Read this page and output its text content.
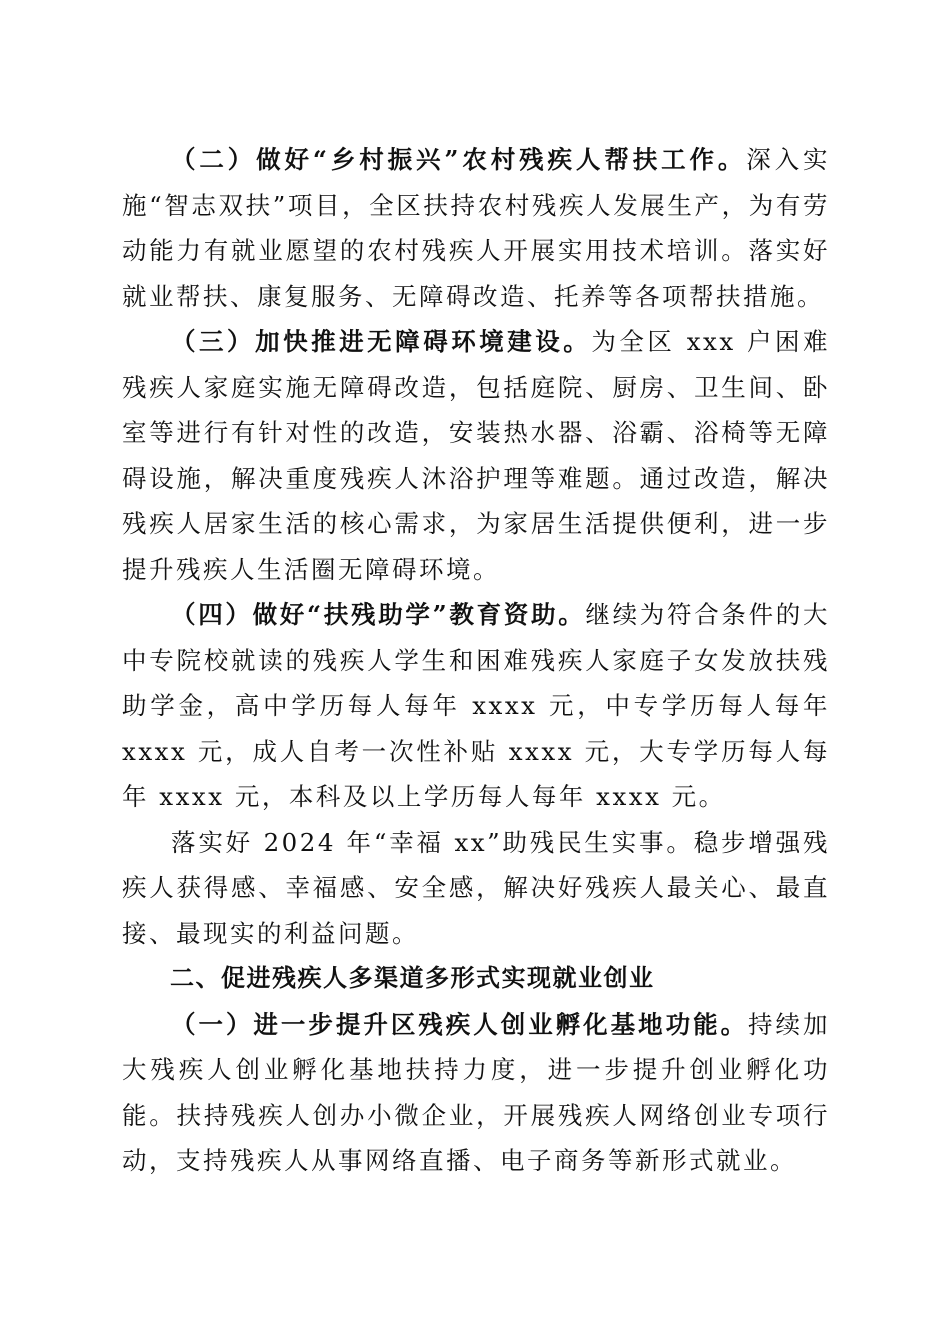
（二）做好“乡村振兴”农村残疾人帮扶工作。深入实施“智志双扶”项目，全区扶持农村残疾人发展生产，为有劳动能力有就业愿望的农村残疾人开展实用技术培训。落实好就业帮扶、康复服务、无障碍改造、托养等各项帮扶措施。

（三）加快推进无障碍环境建设。为全区 xxx 户困难残疾人家庭实施无障碍改造，包括庭院、厨房、卫生间、卧室等进行有针对性的改造，安装热水器、浴霸、浴椅等无障碍设施，解决重度残疾人沐浴护理等难题。通过改造，解决残疾人居家生活的核心需求，为家居生活提供便利，进一步提升残疾人生活圈无障碍环境。

（四）做好“扶残助学”教育资助。继续为符合条件的大中专院校就读的残疾人学生和困难残疾人家庭子女发放扶残助学金，高中学历每人每年 xxxx 元，中专学历每人每年 xxxx 元，成人自考一次性补贴 xxxx 元，大专学历每人每年 xxxx 元，本科及以上学历每人每年 xxxx 元。

落实好 2024 年“幸福 xx”助残民生实事。稳步增强残疾人获得感、幸福感、安全感，解决好残疾人最关心、最直接、最现实的利益问题。

二、促进残疾人多渠道多形式实现就业创业

（一）进一步提升区残疾人创业孵化基地功能。持续加大残疾人创业孵化基地扶持力度，进一步提升创业孵化功能。扶持残疾人创办小微企业，开展残疾人网络创业专项行动，支持残疾人从事网络直播、电子商务等新形式就业。
